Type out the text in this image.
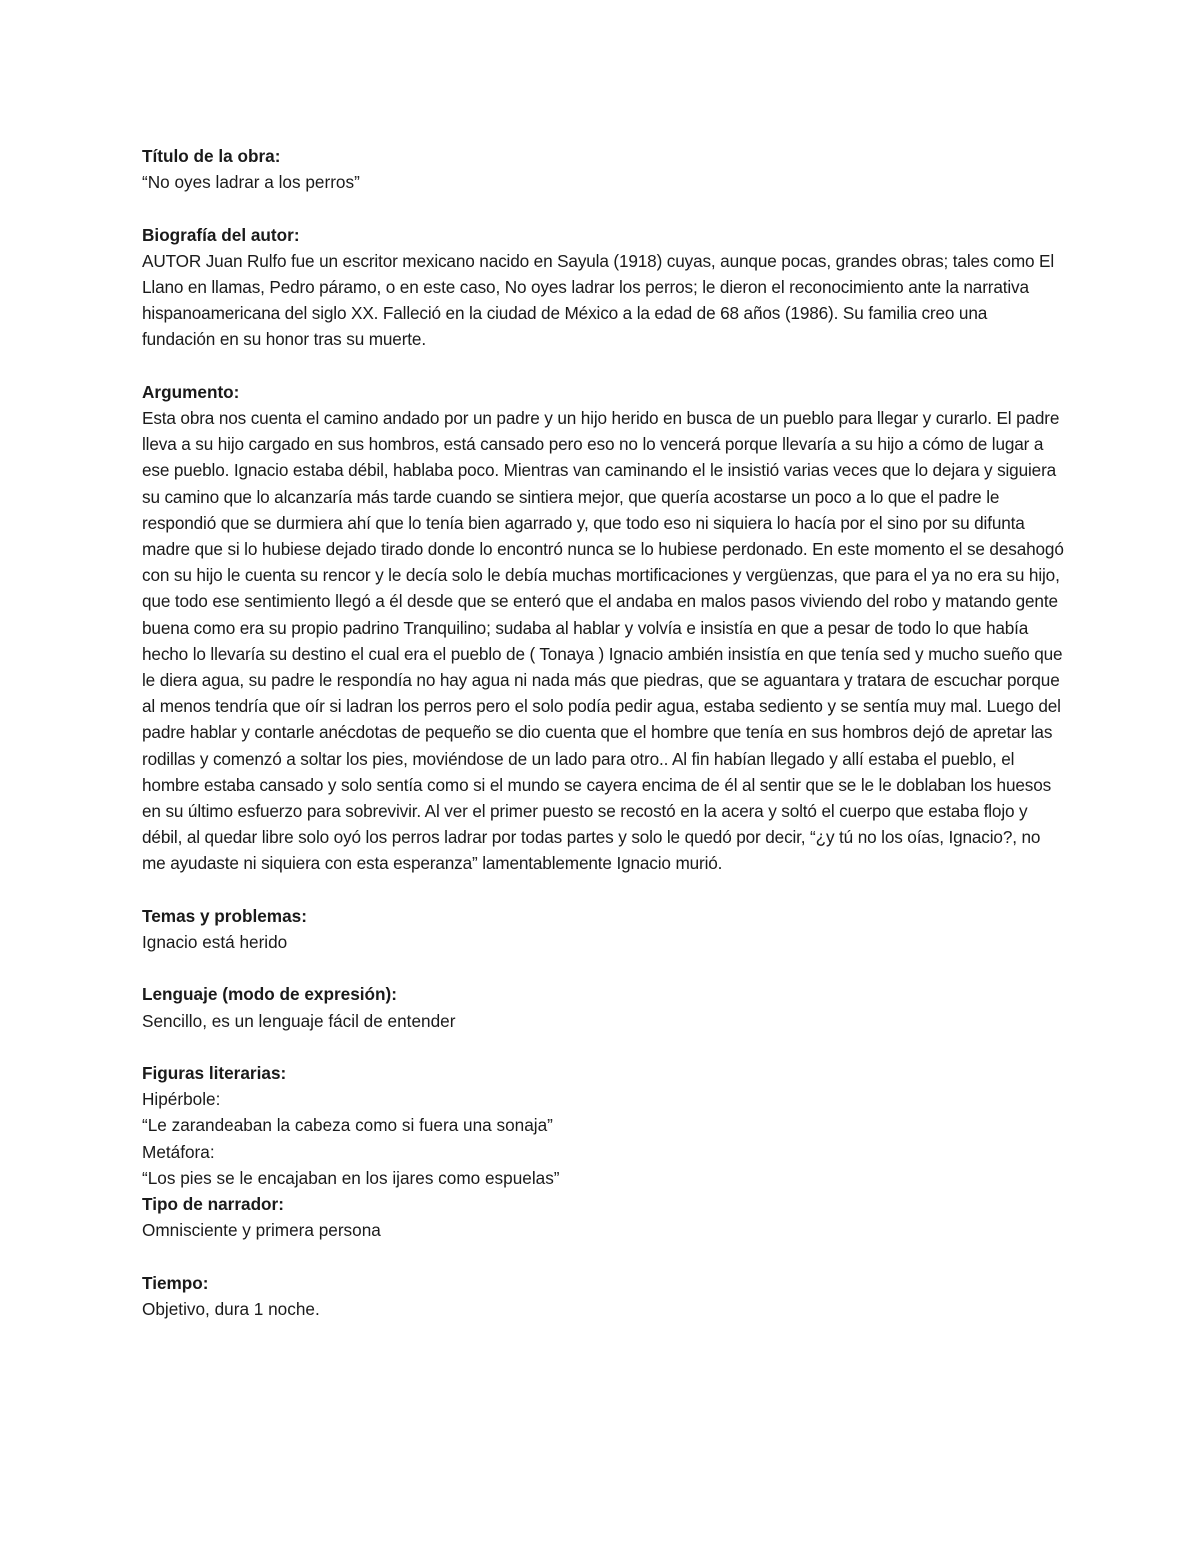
Título de la obra:

“No oyes ladrar a los perros”

Biografía del autor:

AUTOR Juan Rulfo fue un escritor mexicano nacido en Sayula (1918) cuyas, aunque pocas, grandes obras; tales como El Llano en llamas, Pedro páramo, o en este caso, No oyes ladrar los perros; le dieron el reconocimiento ante la narrativa hispanoamericana del siglo XX. Falleció en la ciudad de México a la edad de 68 años (1986). Su familia creo una fundación en su honor tras su muerte.

Argumento:

Esta obra nos cuenta el camino andado por un padre y un hijo herido en busca de un pueblo para llegar y curarlo. El padre lleva a su hijo cargado en sus hombros, está cansado pero eso no lo vencerá porque llevaría a su hijo a cómo de lugar a ese pueblo. Ignacio estaba débil, hablaba poco. Mientras van caminando el le insistió varias veces que lo dejara y siguiera su camino que lo alcanzaría más tarde cuando se sintiera mejor, que quería acostarse un poco a lo que el padre le respondió que se durmiera ahí que lo tenía bien agarrado y, que todo eso ni siquiera lo hacía por el sino por su difunta madre que si lo hubiese dejado tirado donde lo encontró nunca se lo hubiese perdonado. En este momento el se desahogó con su hijo le cuenta su rencor y le decía solo le debía muchas mortificaciones y vergüenzas, que para el ya no era su hijo, que todo ese sentimiento llegó a él desde que se enteró que el andaba en malos pasos viviendo del robo y matando gente buena como era su propio padrino Tranquilino; sudaba al hablar y volvía e insistía en que a pesar de todo lo que había hecho lo llevaría su destino el cual era el pueblo de ( Tonaya ) Ignacio ambién insistía en que tenía sed y mucho sueño que le diera agua, su padre le respondía no hay agua ni nada más que piedras, que se aguantara y tratara de escuchar porque al menos tendría que oír si ladran los perros pero el solo podía pedir agua, estaba sediento y se sentía muy mal. Luego del padre hablar y contarle anécdotas de pequeño se dio cuenta que el hombre que tenía en sus hombros dejó de apretar las rodillas y comenzó a soltar los pies, moviéndose de un lado para otro.. Al fin habían llegado y allí estaba el pueblo, el hombre estaba cansado y solo sentía como si el mundo se cayera encima de él al sentir que se le le doblaban los huesos en su último esfuerzo para sobrevivir. Al ver el primer puesto se recostó en la acera y soltó el cuerpo que estaba flojo y débil, al quedar libre solo oyó los perros ladrar por todas partes y solo le quedó por decir, “¿y tú no los oías, Ignacio?, no me ayudaste ni siquiera con esta esperanza” lamentablemente Ignacio murió.

Temas y problemas:

Ignacio está herido

Lenguaje (modo de expresión):

Sencillo, es un lenguaje fácil de entender

Figuras literarias:

Hipérbole:

“Le zarandeaban la cabeza como si fuera una sonaja”

Metáfora:

“Los pies se le encajaban en los ijares como espuelas”

Tipo de narrador:

Omnisciente y primera persona

Tiempo:

Objetivo, dura 1 noche.
